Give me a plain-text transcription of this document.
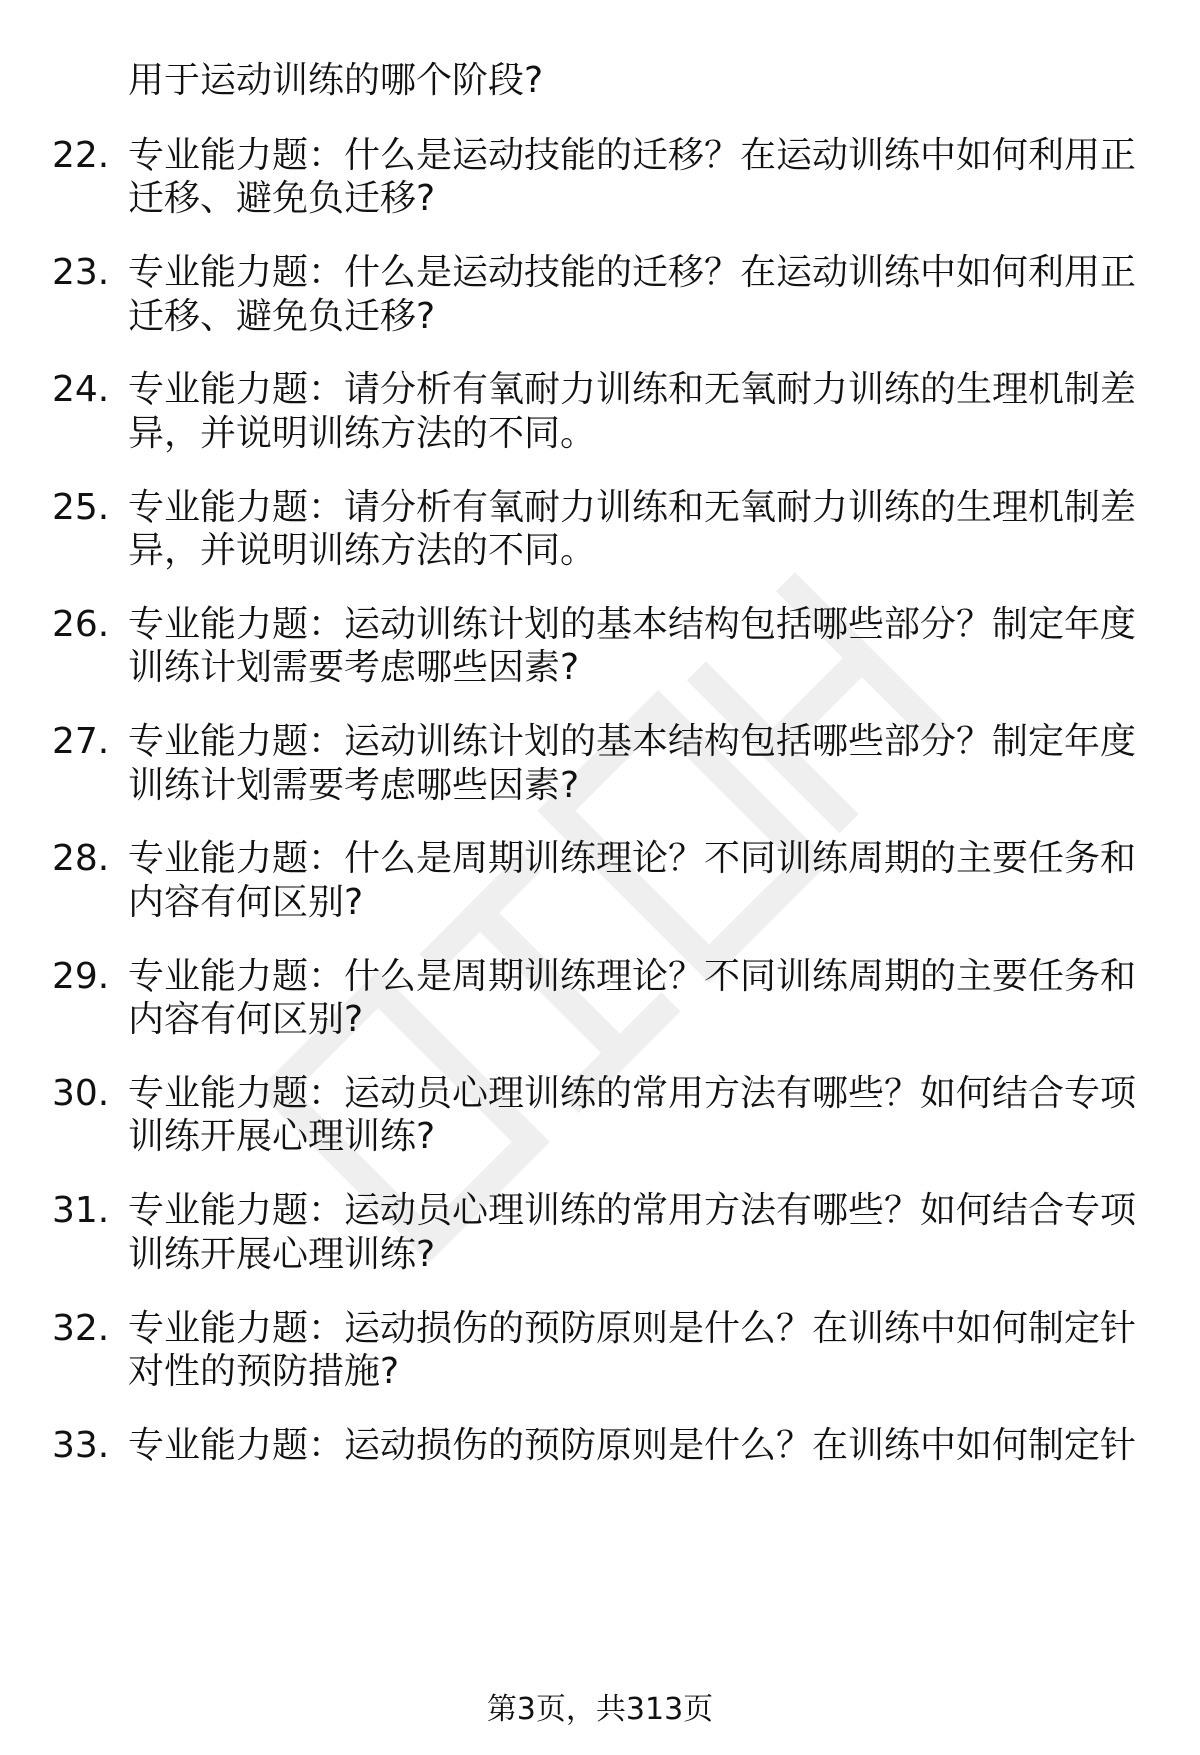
用于运动训练的哪个阶段?
22. 专业能力题：什么是运动技能的迁移？在运动训练中如何利用正
迁移、避免负迁移?
23. 专业能力题：什么是运动技能的迁移？在运动训练中如何利用正
迁移、避免负迁移?
24. 专业能力题：请分析有氧耐力训练和无氧耐力训练的生理机制差
异，并说明训练方法的不同。
25. 专业能力题：请分析有氧耐力训练和无氧耐力训练的生理机制差
异，并说明训练方法的不同。
26. 专业能力题：运动训练计划的基本结构包括哪些部分？制定年度
训练计划需要考虑哪些因素?
27. 专业能力题：运动训练计划的基本结构包括哪些部分？制定年度
训练计划需要考虑哪些因素?
28. 专业能力题：什么是周期训练理论？不同训练周期的主要任务和
内容有何区别?
29. 专业能力题：什么是周期训练理论？不同训练周期的主要任务和
内容有何区别?
30. 专业能力题：运动员心理训练的常用方法有哪些？如何结合专项
训练开展心理训练?
31. 专业能力题：运动员心理训练的常用方法有哪些？如何结合专项
训练开展心理训练?
32. 专业能力题：运动损伤的预防原则是什么？在训练中如何制定针
对性的预防措施?
33. 专业能力题：运动损伤的预防原则是什么？在训练中如何制定针
第3页，共313页
